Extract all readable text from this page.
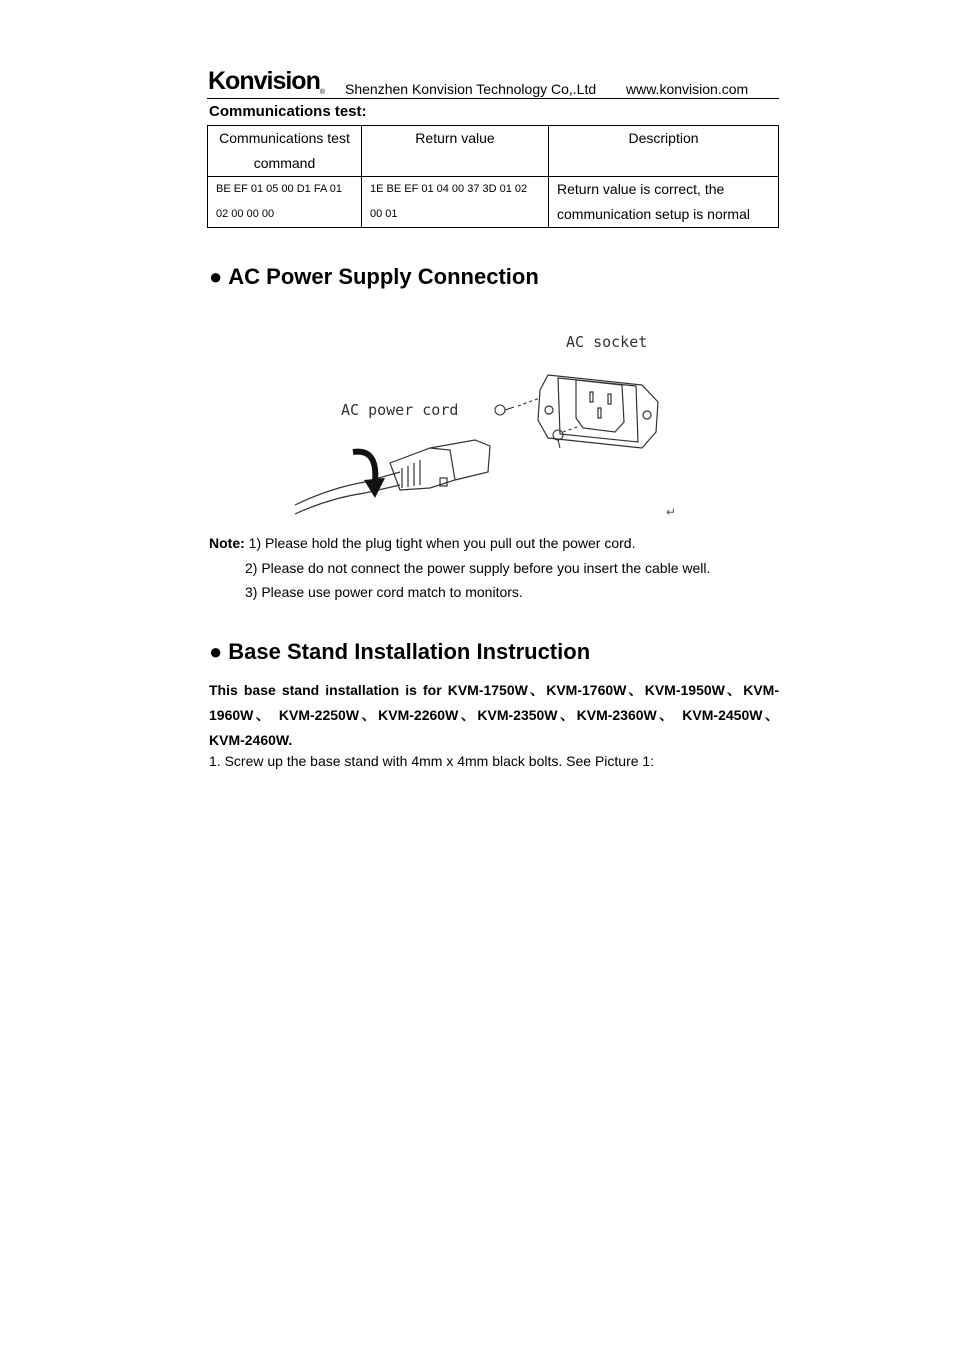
Konvision® Shenzhen Konvision Technology Co,.Ltd www.konvision.com
Communications test:
Communications test command	Return value	Description

BE EF 01 05 00 D1 FA 01 02 00 00 00	1E BE EF 01 04 00 37 3D 01 02 00 01	Return value is correct, the communication setup is normal
● AC Power Supply Connection
AC socket
AC power cord
↵
Note: 1) Please hold the plug tight when you pull out the power cord.
2) Please do not connect the power supply before you insert the cable well.
3) Please use power cord match to monitors.
● Base Stand Installation Instruction
This base stand installation is for KVM-1750W、KVM-1760W、KVM-1950W、KVM-1960W、 KVM-2250W、KVM-2260W、KVM-2350W、KVM-2360W、 KVM-2450W、KVM-2460W.
1. Screw up the base stand with 4mm x 4mm black bolts. See Picture 1:
